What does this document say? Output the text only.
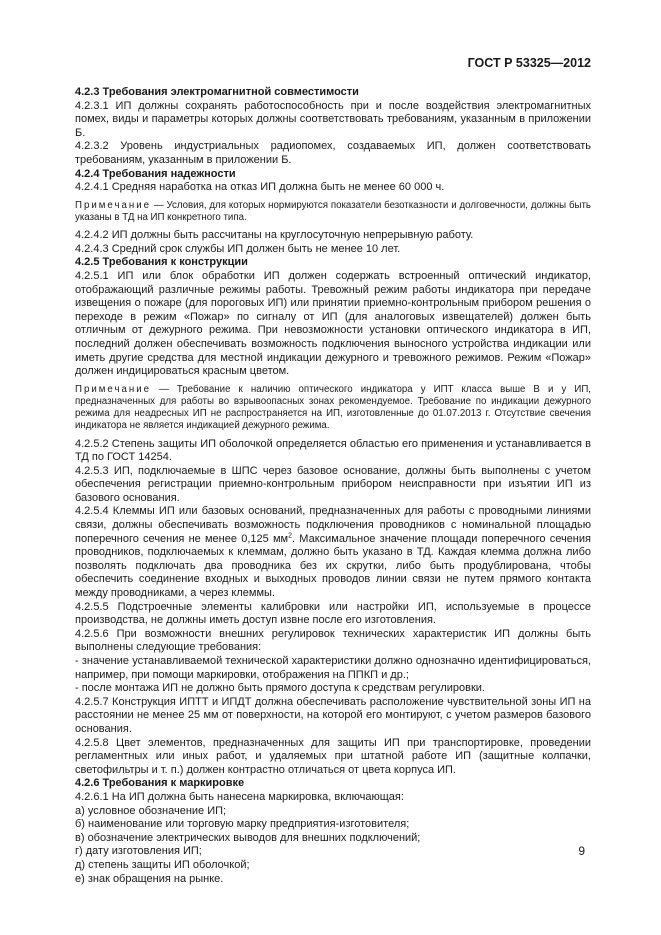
ГОСТ Р 53325—2012

4.2.3 Требования электромагнитной совместимости

4.2.3.1 ИП должны сохранять работоспособность при и после воздействия электромагнитных помех, виды и параметры которых должны соответствовать требованиям, указанным в приложении Б.

4.2.3.2 Уровень индустриальных радиопомех, создаваемых ИП, должен соответствовать требованиям, указанным в приложении Б.

4.2.4 Требования надежности

4.2.4.1 Средняя наработка на отказ ИП должна быть не менее 60 000 ч.

Примечание — Условия, для которых нормируются показатели безотказности и долговечности, должны быть указаны в ТД на ИП конкретного типа.

4.2.4.2 ИП должны быть рассчитаны на круглосуточную непрерывную работу.

4.2.4.3 Средний срок службы ИП должен быть не менее 10 лет.

4.2.5 Требования к конструкции

4.2.5.1 ИП или блок обработки ИП должен содержать встроенный оптический индикатор, отображающий различные режимы работы. Тревожный режим работы индикатора при передаче извещения о пожаре (для пороговых ИП) или принятии приемно-контрольным прибором решения о переходе в режим «Пожар» по сигналу от ИП (для аналоговых извещателей) должен быть отличным от дежурного режима. При невозможности установки оптического индикатора в ИП, последний должен обеспечивать возможность подключения выносного устройства индикации или иметь другие средства для местной индикации дежурного и тревожного режимов. Режим «Пожар» должен индицироваться красным цветом.

Примечание — Требование к наличию оптического индикатора у ИПТ класса выше В и у ИП, предназначенных для работы во взрывоопасных зонах рекомендуемое. Требование по индикации дежурного режима для неадресных ИП не распространяется на ИП, изготовленные до 01.07.2013 г. Отсутствие свечения индикатора не является индикацией дежурного режима.

4.2.5.2 Степень защиты ИП оболочкой определяется областью его применения и устанавливается в ТД по ГОСТ 14254.

4.2.5.3 ИП, подключаемые в ШПС через базовое основание, должны быть выполнены с учетом обеспечения регистрации приемно-контрольным прибором неисправности при изъятии ИП из базового основания.

4.2.5.4 Клеммы ИП или базовых оснований, предназначенных для работы с проводными линиями связи, должны обеспечивать возможность подключения проводников с номинальной площадью поперечного сечения не менее 0,125 $мм^2$. Максимальное значение площади поперечного сечения проводников, подключаемых к клеммам, должно быть указано в ТД. Каждая клемма должна либо позволять подключать два проводника без их скрутки, либо быть продублирована, чтобы обеспечить соединение входных и выходных проводов линии связи не путем прямого контакта между проводниками, а через клеммы.

4.2.5.5 Подстроечные элементы калибровки или настройки ИП, используемые в процессе производства, не должны иметь доступ извне после его изготовления.

4.2.5.6 При возможности внешних регулировок технических характеристик ИП должны быть выполнены следующие требования:

- значение устанавливаемой технической характеристики должно однозначно идентифицироваться, например, при помощи маркировки, отображения на ППКП и др.;

- после монтажа ИП не должно быть прямого доступа к средствам регулировки.

4.2.5.7 Конструкция ИПТТ и ИПДТ должна обеспечивать расположение чувствительной зоны ИП на расстоянии не менее 25 мм от поверхности, на которой его монтируют, с учетом размеров базового основания.

4.2.5.8 Цвет элементов, предназначенных для защиты ИП при транспортировке, проведении регламентных или иных работ, и удаляемых при штатной работе ИП (защитные колпачки, светофильтры и т. п.) должен контрастно отличаться от цвета корпуса ИП.

4.2.6 Требования к маркировке

4.2.6.1 На ИП должна быть нанесена маркировка, включающая:

а) условное обозначение ИП;

б) наименование или торговую марку предприятия-изготовителя;

в) обозначение электрических выводов для внешних подключений;

г) дату изготовления ИП;

д) степень защиты ИП оболочкой;

е) знак обращения на рынке.

9
